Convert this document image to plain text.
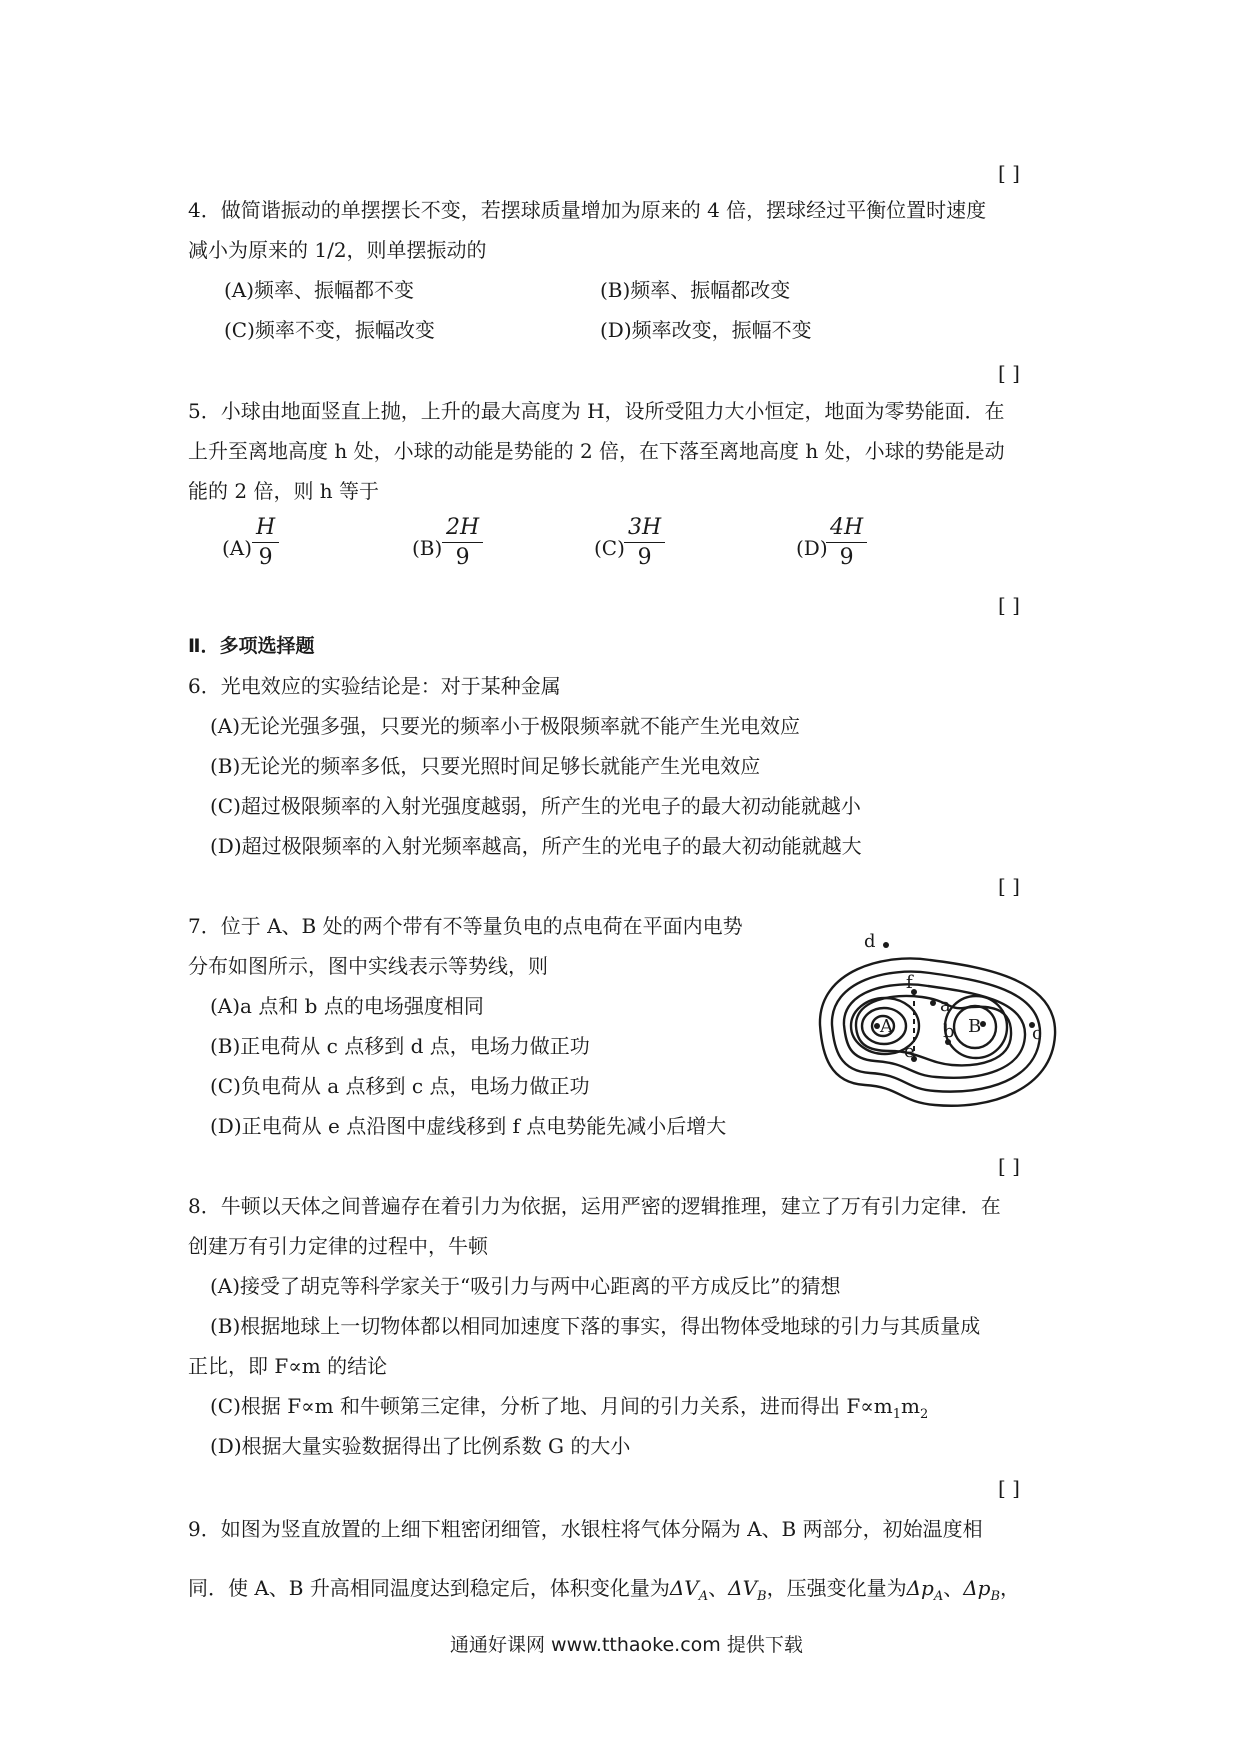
[ ]
4．做简谐振动的单摆摆长不变，若摆球质量增加为原来的 4 倍，摆球经过平衡位置时速度
减小为原来的 1/2，则单摆振动的
(A)频率、振幅都不变	(B)频率、振幅都改变
(C)频率不变，振幅改变	(D)频率改变，振幅不变
[ ]
5．小球由地面竖直上抛，上升的最大高度为 H，设所受阻力大小恒定，地面为零势能面．在
上升至离地高度 h 处，小球的动能是势能的 2 倍，在下落至离地高度 h 处，小球的势能是动
能的 2 倍，则 h 等于
$(A) \frac{H}{9}$	$(B) \frac{2H}{9}$	$(C) \frac{3H}{9}$	(D)
$\frac{4H}{9}$
[ ]
Ⅱ．多项选择题
6．光电效应的实验结论是：对于某种金属
(A)无论光强多强，只要光的频率小于极限频率就不能产生光电效应
(B)无论光的频率多低，只要光照时间足够长就能产生光电效应
(C)超过极限频率的入射光强度越弱，所产生的光电子的最大初动能就越小
(D)超过极限频率的入射光频率越高，所产生的光电子的最大初动能就越大
[ ]
7．位于 A、B 处的两个带有不等量负电的点电荷在平面内电势
分布如图所示，图中实线表示等势线，则
(A)a 点和 b 点的电场强度相同
(B)正电荷从 c 点移到 d 点，电场力做正功
(C)负电荷从 a 点移到 c 点，电场力做正功
(D)正电荷从 e 点沿图中虚线移到 f 点电势能先减小后增大
d
f
e
a
b	c
A	B
[ ]
8．牛顿以天体之间普遍存在着引力为依据，运用严密的逻辑推理，建立了万有引力定律．在
创建万有引力定律的过程中，牛顿
(A)接受了胡克等科学家关于“吸引力与两中心距离的平方成反比”的猜想
(B)根据地球上一切物体都以相同加速度下落的事实，得出物体受地球的引力与其质量成
正比，即 F∝m 的结论
(C)根据 F∝m 和牛顿第三定律，分析了地、月间的引力关系，进而得出 $F\propto m_1m_2$
(D)根据大量实验数据得出了比例系数 G 的大小
[ ]
9．如图为竖直放置的上细下粗密闭细管，水银柱将气体分隔为 A、B 两部分，初始温度相
同．使 A、B 升高相同温度达到稳定后，体积变化量为$\Delta V_A$、$\Delta V_B$，压强变化量为$\Delta p_A$、$\Delta p_B$，
通通好课网 www.tthaoke.com 提供下载
